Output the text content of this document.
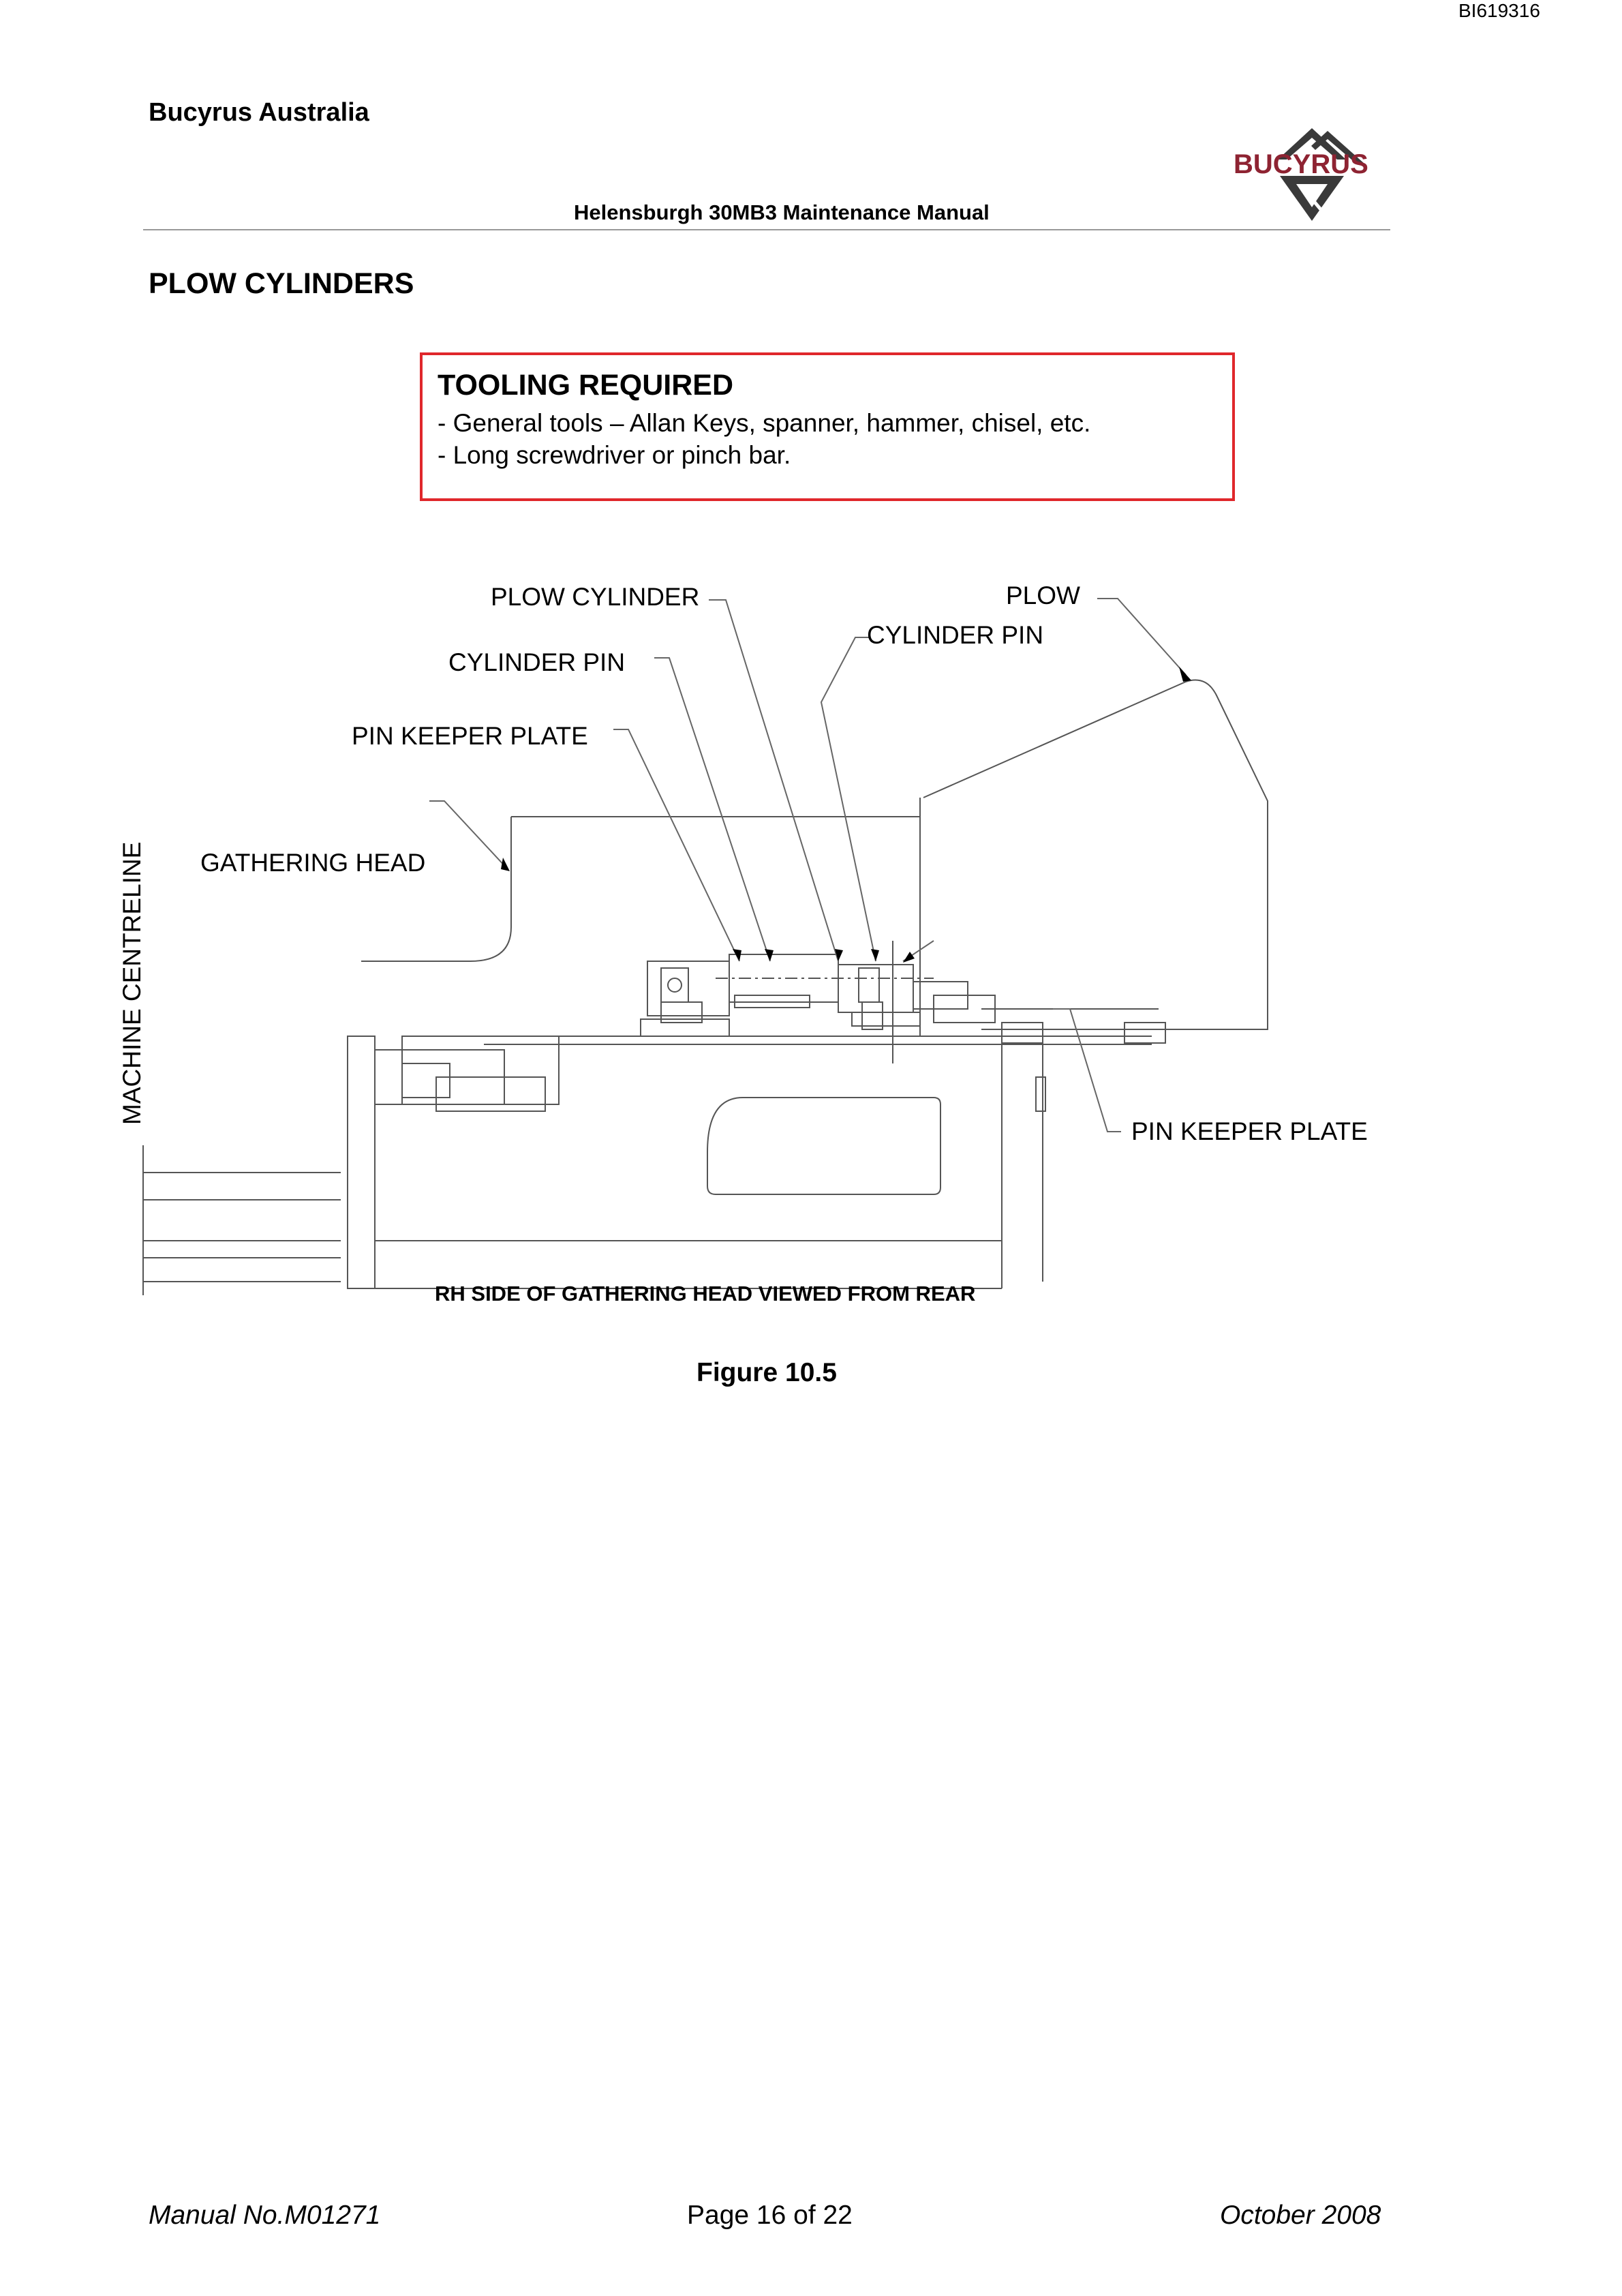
BI619316
Bucyrus Australia
BUCYRUS
Helensburgh 30MB3 Maintenance Manual
PLOW CYLINDERS
TOOLING REQUIRED
- General tools – Allan Keys, spanner, hammer, chisel, etc.
- Long screwdriver or pinch bar.
PLOW CYLINDER	PLOW
CYLINDER PIN
CYLINDER PIN
PIN KEEPER PLATE
GATHERING HEAD
PIN KEEPER PLATE
MACHINE CENTRELINE
RH SIDE OF GATHERING HEAD VIEWED FROM REAR
Figure 10.5
Manual No.M01271	Page 16 of 22	October 2008
